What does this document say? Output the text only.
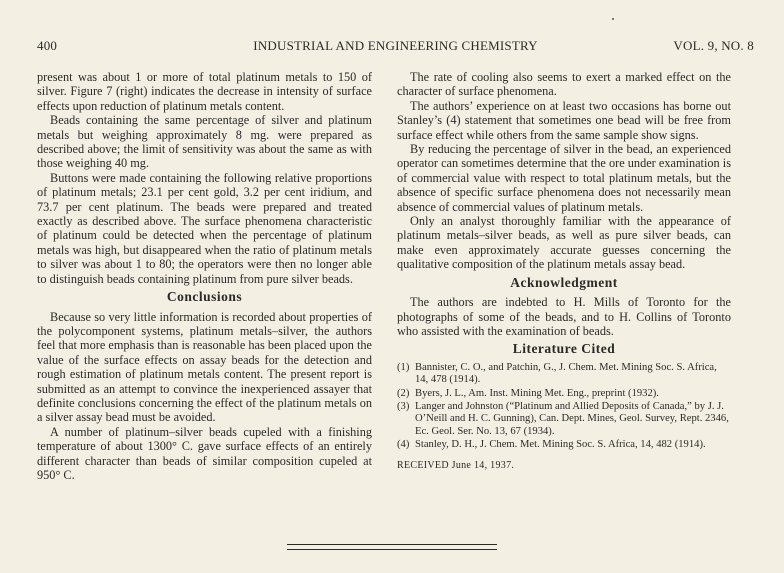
400	INDUSTRIAL AND ENGINEERING CHEMISTRY	VOL. 9, NO. 8

present was about 1 or more of total platinum metals to 150 of silver. Figure 7 (right) indicates the decrease in intensity of surface effects upon reduction of platinum metals content.

Beads containing the same percentage of silver and platinum metals but weighing approximately 8 mg. were prepared as described above; the limit of sensitivity was about the same as with those weighing 40 mg.

Buttons were made containing the following relative proportions of platinum metals; 23.1 per cent gold, 3.2 per cent iridium, and 73.7 per cent platinum. The beads were prepared and treated exactly as described above. The surface phenomena characteristic of platinum could be detected when the percentage of platinum metals was high, but disappeared when the ratio of platinum metals to silver was about 1 to 80; the operators were then no longer able to distinguish beads containing platinum from pure silver beads.

Conclusions

Because so very little information is recorded about properties of the polycomponent systems, platinum metals–silver, the authors feel that more emphasis than is reasonable has been placed upon the value of the surface effects on assay beads for the detection and rough estimation of platinum metals content. The present report is submitted as an attempt to convince the inexperienced assayer that definite conclusions concerning the effect of the platinum metals on a silver assay bead must be avoided.

A number of platinum–silver beads cupeled with a finishing temperature of about 1300° C. gave surface effects of an entirely different character than beads of similar composition cupeled at 950° C.

The rate of cooling also seems to exert a marked effect on the character of surface phenomena.

The authors’ experience on at least two occasions has borne out Stanley’s (4) statement that sometimes one bead will be free from surface effect while others from the same sample show signs.

By reducing the percentage of silver in the bead, an experienced operator can sometimes determine that the ore under examination is of commercial value with respect to total platinum metals, but the absence of specific surface phenomena does not necessarily mean absence of commercial values of platinum metals.

Only an analyst thoroughly familiar with the appearance of platinum metals–silver beads, as well as pure silver beads, can make even approximately accurate guesses concerning the qualitative composition of the platinum metals assay bead.

Acknowledgment

The authors are indebted to H. Mills of Toronto for the photographs of some of the beads, and to H. Collins of Toronto who assisted with the examination of beads.

Literature Cited
(1) Bannister, C. O., and Patchin, G., J. Chem. Met. Mining Soc. S. Africa, 14, 478 (1914).
(2) Byers, J. L., Am. Inst. Mining Met. Eng., preprint (1932).
(3) Langer and Johnston (“Platinum and Allied Deposits of Canada,” by J. J. O’Neill and H. C. Gunning), Can. Dept. Mines, Geol. Survey, Rept. 2346, Ec. Geol. Ser. No. 13, 67 (1934).
(4) Stanley, D. H., J. Chem. Met. Mining Soc. S. Africa, 14, 482 (1914).
RECEIVED June 14, 1937.
